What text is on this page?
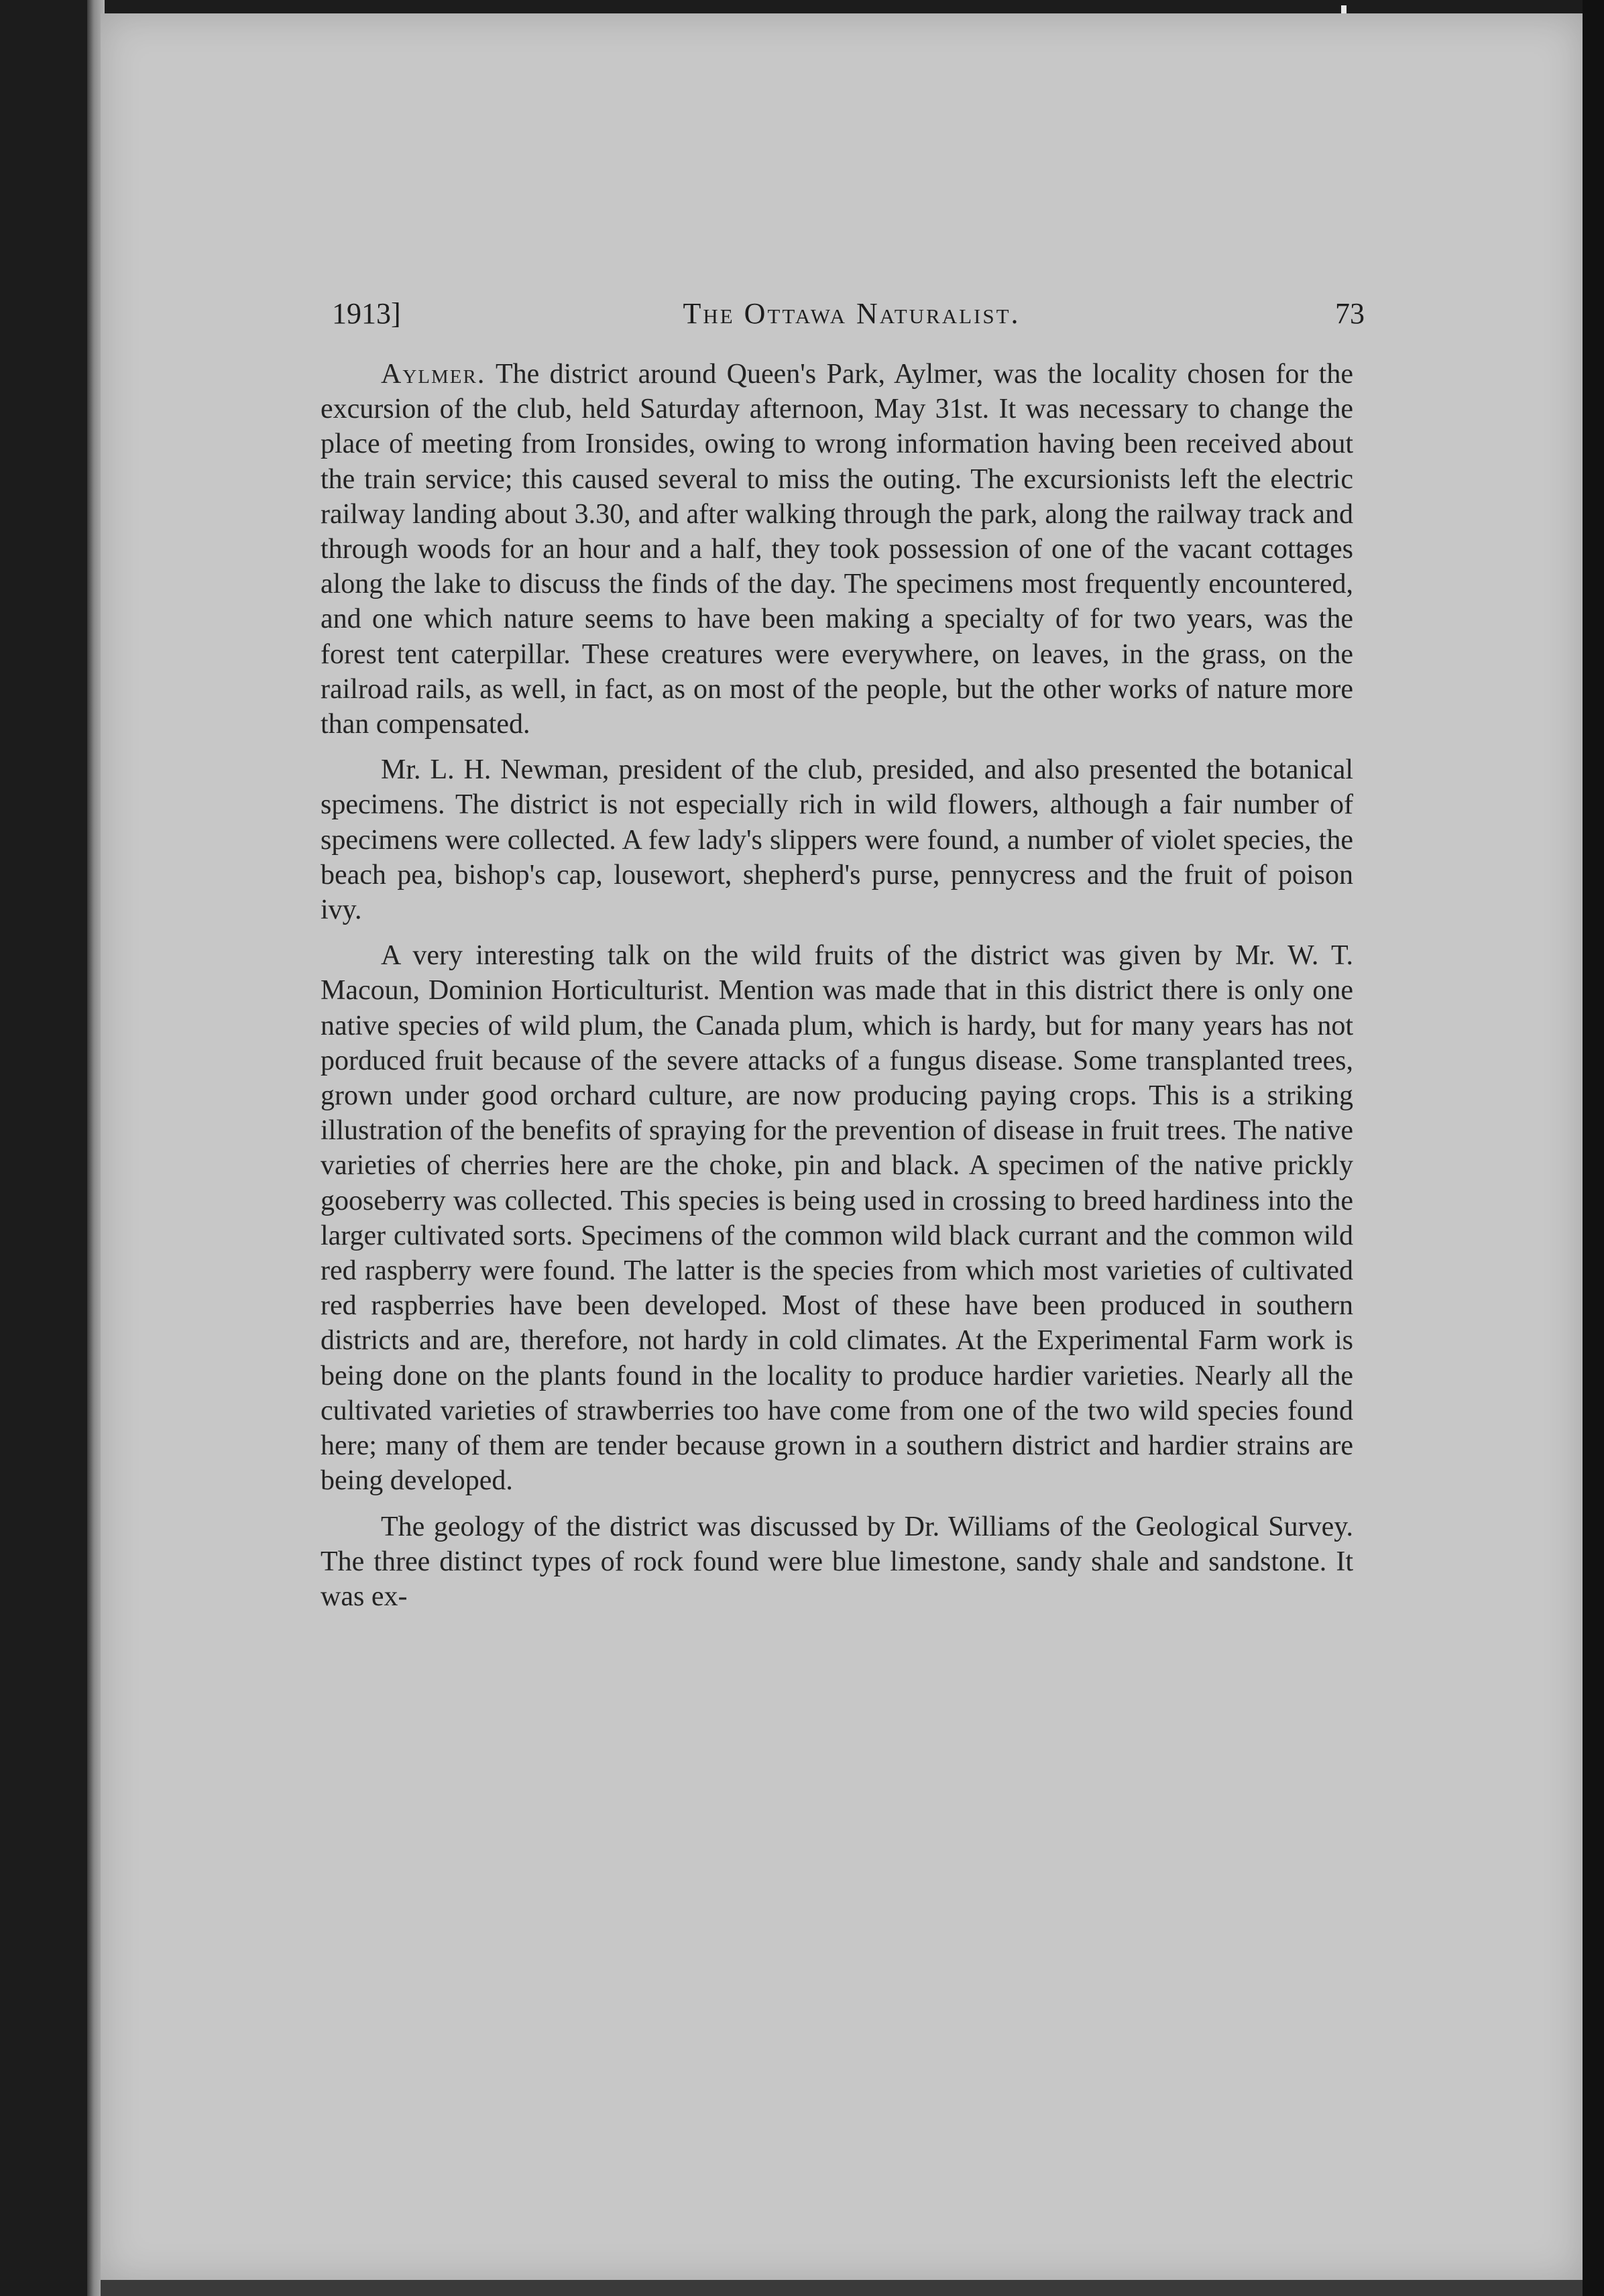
1913]	The Ottawa Naturalist.	73

Aylmer. The district around Queen's Park, Aylmer, was the locality chosen for the excursion of the club, held Saturday afternoon, May 31st. It was necessary to change the place of meeting from Ironsides, owing to wrong information having been received about the train service; this caused several to miss the outing. The excursionists left the electric railway landing about 3.30, and after walking through the park, along the railway track and through woods for an hour and a half, they took possession of one of the vacant cottages along the lake to discuss the finds of the day. The specimens most frequently encountered, and one which nature seems to have been making a specialty of for two years, was the forest tent caterpillar. These creatures were everywhere, on leaves, in the grass, on the railroad rails, as well, in fact, as on most of the people, but the other works of nature more than compensated.

Mr. L. H. Newman, president of the club, presided, and also presented the botanical specimens. The district is not especially rich in wild flowers, although a fair number of specimens were collected. A few lady's slippers were found, a number of violet species, the beach pea, bishop's cap, lousewort, shepherd's purse, pennycress and the fruit of poison ivy.

A very interesting talk on the wild fruits of the district was given by Mr. W. T. Macoun, Dominion Horticulturist. Mention was made that in this district there is only one native species of wild plum, the Canada plum, which is hardy, but for many years has not porduced fruit because of the severe attacks of a fungus disease. Some transplanted trees, grown under good orchard culture, are now producing paying crops. This is a striking illustration of the benefits of spraying for the prevention of disease in fruit trees. The native varieties of cherries here are the choke, pin and black. A specimen of the native prickly gooseberry was collected. This species is being used in crossing to breed hardiness into the larger cultivated sorts. Specimens of the common wild black currant and the common wild red raspberry were found. The latter is the species from which most varieties of cultivated red raspberries have been developed. Most of these have been produced in southern districts and are, therefore, not hardy in cold climates. At the Experimental Farm work is being done on the plants found in the locality to produce hardier varieties. Nearly all the cultivated varieties of strawberries too have come from one of the two wild species found here; many of them are tender because grown in a southern district and hardier strains are being developed.

The geology of the district was discussed by Dr. Williams of the Geological Survey. The three distinct types of rock found were blue limestone, sandy shale and sandstone. It was ex-
